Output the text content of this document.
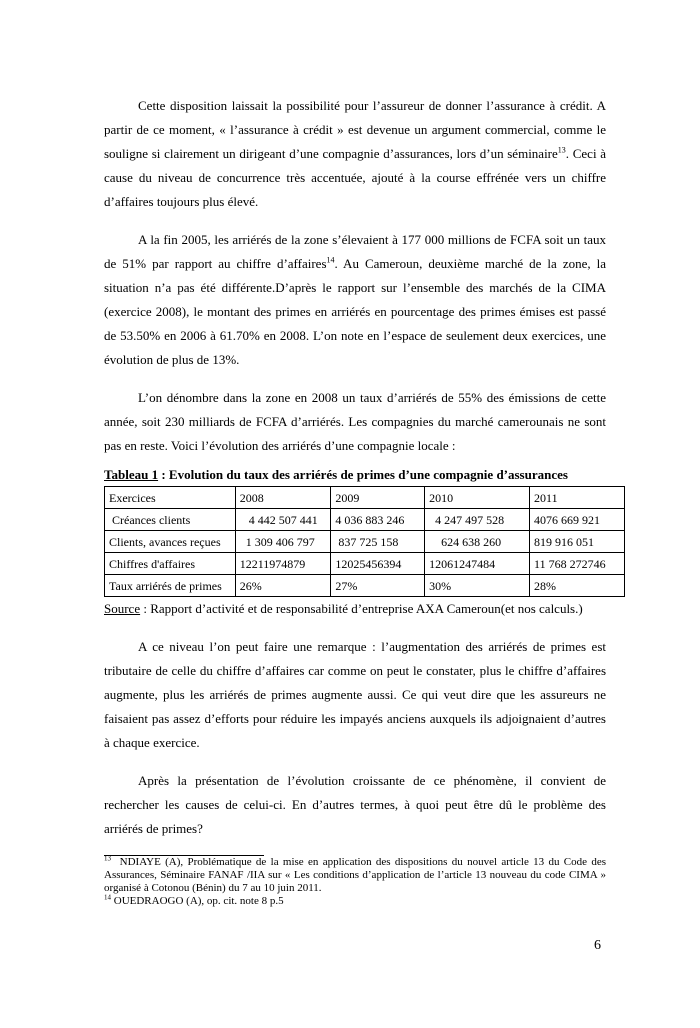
Cette disposition laissait la possibilité pour l’assureur de donner l’assurance à crédit. A partir de ce moment, « l’assurance à crédit » est devenue un argument commercial, comme le souligne si clairement un dirigeant d’une compagnie d’assurances, lors d’un séminaire$^{13}$. Ceci à cause du niveau de concurrence très accentuée, ajouté à la course effrénée vers un chiffre d’affaires toujours plus élevé.

A la fin 2005, les arriérés de la zone s’élevaient à 177 000 millions de FCFA soit un taux de 51% par rapport au chiffre d’affaires$^{14}$. Au Cameroun, deuxième marché de la zone, la situation n’a pas été différente.D’après le rapport sur l’ensemble des marchés de la CIMA (exercice 2008), le montant des primes en arriérés en pourcentage des primes émises est passé de 53.50% en 2006 à 61.70% en 2008. L’on note en l’espace de seulement deux exercices, une évolution de plus de 13%.

L’on dénombre dans la zone en 2008 un taux d’arriérés de 55% des émissions de cette année, soit 230 milliards de FCFA d’arriérés. Les compagnies du marché camerounais ne sont pas en reste. Voici l’évolution des arriérés d’une compagnie locale :

Tableau 1 : Evolution du taux des arriérés de primes d’une compagnie d’assurances
Exercices	2008	2009	2010	2011
Créances clients	4 442 507 441	4 036 883 246	4 247 497 528	4076 669 921
Clients, avances reçues	1 309 406 797	837 725 158	624 638 260	819 916 051
Chiffres d'affaires	12211974879	12025456394	12061247484	11 768 272746
Taux arriérés de primes	26%	27%	30%	28%
Source : Rapport d’activité et de responsabilité d’entreprise AXA Cameroun(et nos calculs.)

A ce niveau l’on peut faire une remarque : l’augmentation des arriérés de primes est tributaire de celle du chiffre d’affaires car comme on peut le constater, plus le chiffre d’affaires augmente, plus les arriérés de primes augmente aussi. Ce qui veut dire que les assureurs ne faisaient pas assez d’efforts pour réduire les impayés anciens auxquels ils adjoignaient d’autres à chaque exercice.

Après la présentation de l’évolution croissante de ce phénomène, il convient de rechercher les causes de celui-ci. En d’autres termes, à quoi peut être dû le problème des arriérés de primes?

$^{13}$  NDIAYE (A), Problématique de la mise en application des dispositions du nouvel article 13 du Code des Assurances, Séminaire FANAF /IIA sur « Les conditions d’application de l’article 13 nouveau du code CIMA » organisé à Cotonou (Bénin) du 7 au 10 juin 2011.

$^{14}$ OUEDRAOGO (A), op. cit. note 8 p.5

6
